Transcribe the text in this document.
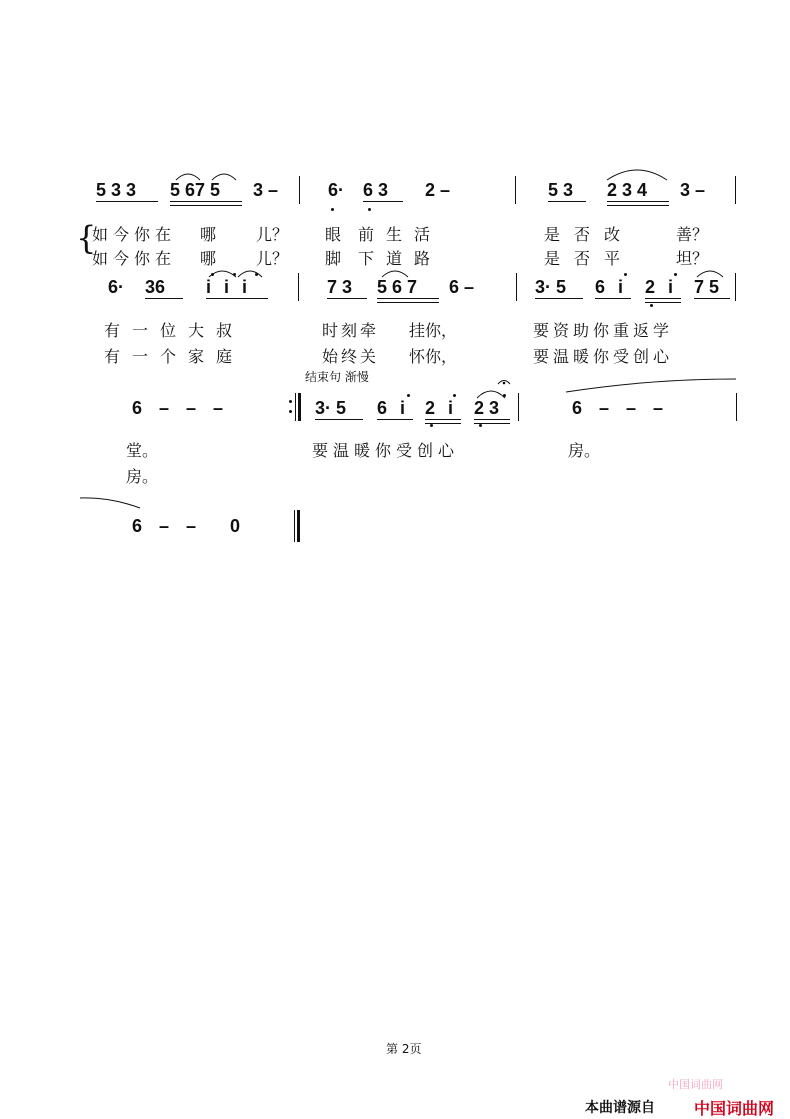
5 3 3 5 67 5 3 –	6· 6 3 2 –	5 3 2 3 4 3 –
{
如今你在 哪 儿？ 眼 前生活	是否改	善？
如今你在 哪 儿？ 脚 下道路	是否平	坦？
6· 36 i i i	7 3 5 6 7 6 –	3· 5 6 i 2 i 7 5
有一位大叔	时刻牵 挂你，	要资助你重返学
有一个家庭	始终关 怀你，	要温暖你受创心
结束句 渐慢
6 – – –	3· 5 6 i 2 i 2 3	6 – – –
堂。	要温暖你受创心	房。
房。
6 – – 0
第 2页
本曲谱源自 中国词曲网
中国词曲网
